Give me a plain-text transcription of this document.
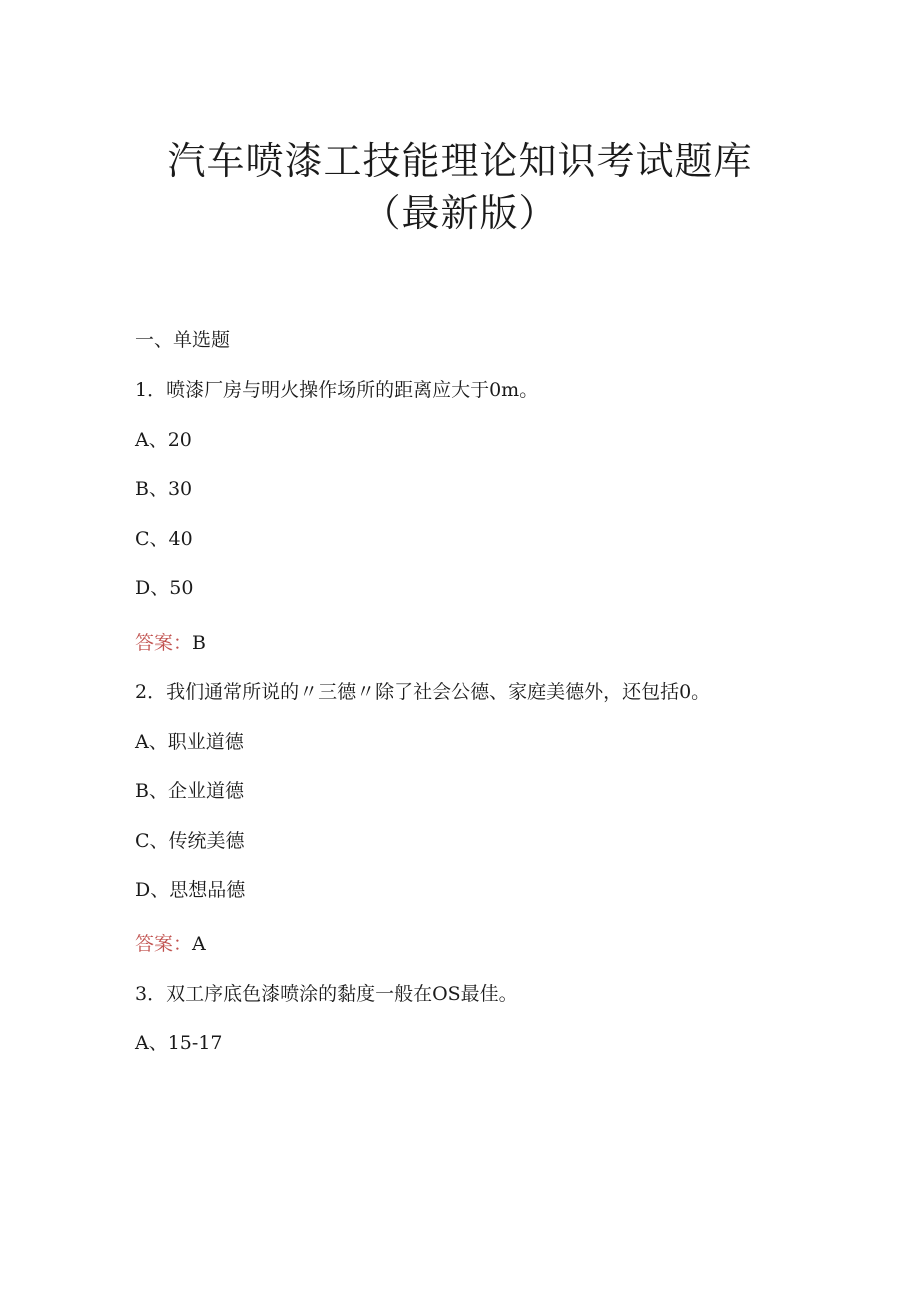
汽车喷漆工技能理论知识考试题库
（最新版）
一、单选题
1．喷漆厂房与明火操作场所的距离应大于0m。
A、20
B、30
C、40
D、50
答案：B
2．我们通常所说的〃三德〃除了社会公德、家庭美德外，还包括0。
A、职业道德
B、企业道德
C、传统美德
D、思想品德
答案：A
3．双工序底色漆喷涂的黏度一般在OS最佳。
A、15-17
